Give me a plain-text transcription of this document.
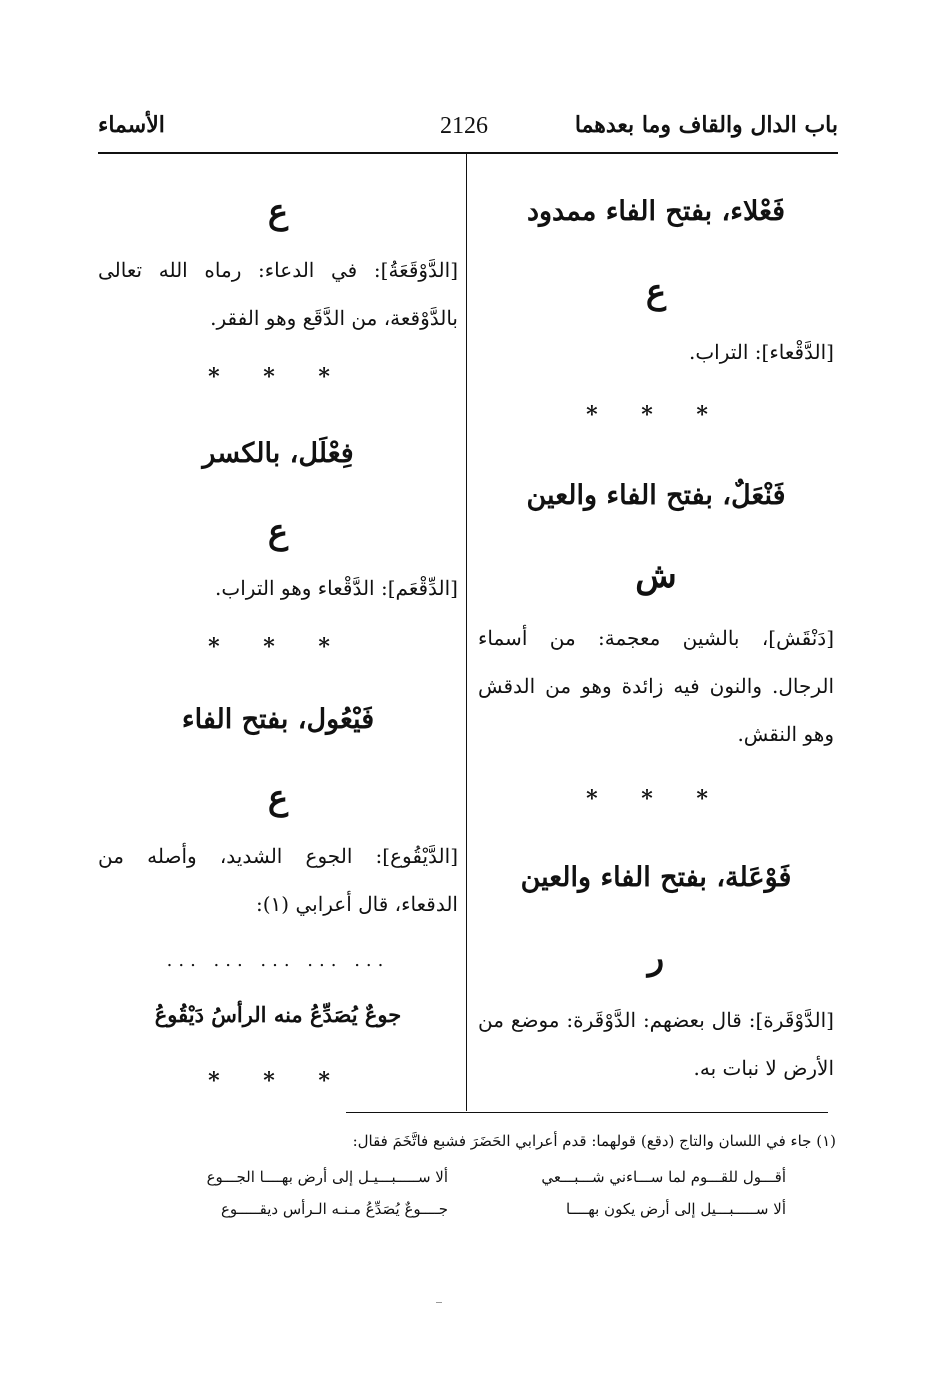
باب الدال والقاف وما بعدهما
2126
الأسماء
فَعْلاء، بفتح الفاء ممدود
ع
[الدَّقْعاء]: التراب.
* * *
فَنْعَلٌ، بفتح الفاء والعين
ش
[دَنْقَش]، بالشين معجمة: من أسماء الرجال. والنون فيه زائدة وهو من الدقش وهو النقش.
* * *
فَوْعَلة، بفتح الفاء والعين
ر
[الدَّوْقَرة]: قال بعضهم: الدَّوْقَرة: موضع من الأرض لا نبات به.
ع
[الدَّوْقَعَةُ]: في الدعاء: رماه الله تعالى بالدَّوْقعة، من الدَّقَع وهو الفقر.
* * *
فِعْلَل، بالكسر
ع
[الدِّقْعَم]: الدَّقْعاء وهو التراب.
* * *
فَيْعُول، بفتح الفاء
ع
[الدَّيْقُوع]: الجوع الشديد، وأصله من الدقعاء، قال أعرابي (١):
... ... ... ... ...
جوعٌ يُصَدِّعُ منه الرأسُ دَيْقُوعُ
* * *
(١) جاء في اللسان والتاج (دقع) قولهما: قدم أعرابي الحَضَرَ فشبع فاتَّخَمَ فقال:
أقـــول للقـــوم لما ســـاءني شـــبـــعي
ألا ســـــبـــيـل إلى أرض بهــــا الجـــوع
ألا ســـــبـــيل إلى أرض يكون بهــــا
جــــوعٌ يُصَدِّعُ مـنـه الـرأس ديقـــــوع
